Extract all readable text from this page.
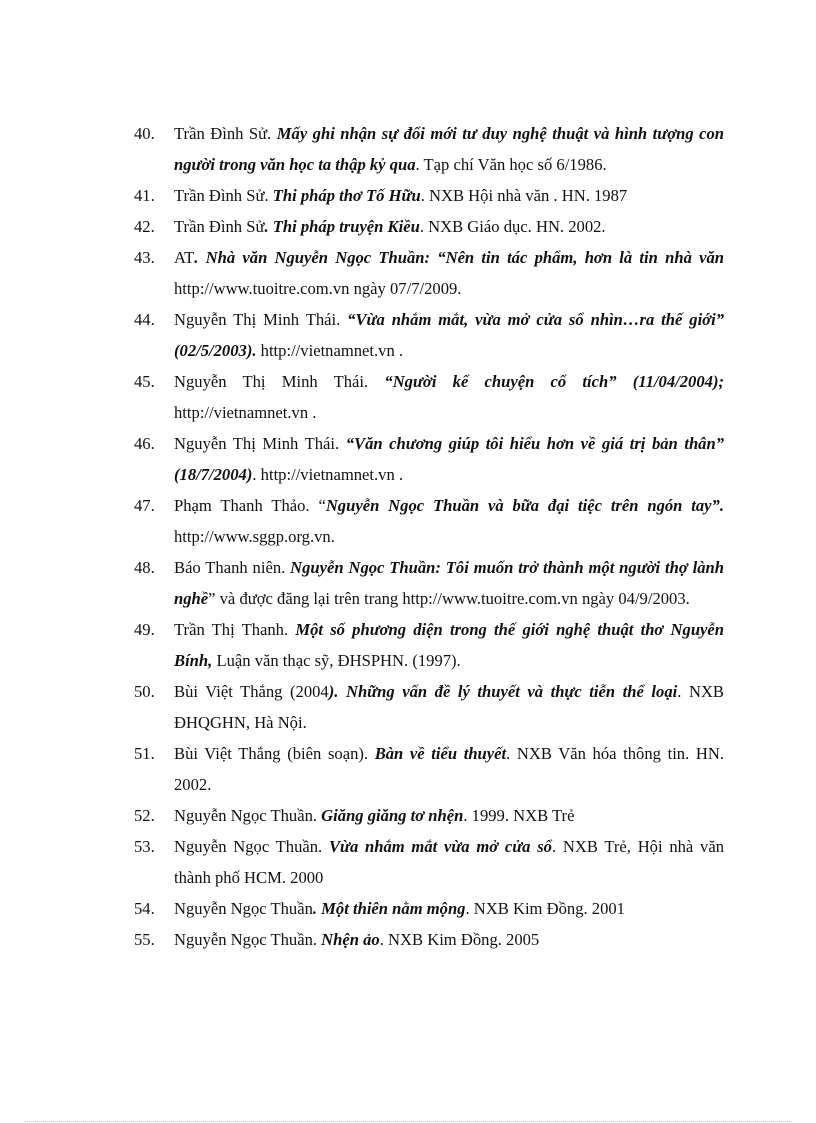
40. Trần Đình Sử. Mấy ghi nhận sự đổi mới tư duy nghệ thuật và hình tượng con người trong văn học ta thập kỷ qua. Tạp chí Văn học số 6/1986.
41. Trần Đình Sử. Thi pháp thơ Tố Hữu. NXB Hội nhà văn . HN. 1987
42. Trần Đình Sử. Thi pháp truyện Kiều. NXB Giáo dục. HN. 2002.
43. AT. Nhà văn Nguyễn Ngọc Thuần: “Nên tin tác phẩm, hơn là tin nhà văn http://www.tuoitre.com.vn ngày 07/7/2009.
44. Nguyễn Thị Minh Thái. “Vừa nhắm mắt, vừa mở cửa sổ nhìn…ra thế giới” (02/5/2003). http://vietnamnet.vn .
45. Nguyễn Thị Minh Thái. “Người kể chuyện cổ tích” (11/04/2004); http://vietnamnet.vn .
46. Nguyễn Thị Minh Thái. “Văn chương giúp tôi hiểu hơn về giá trị bản thân” (18/7/2004). http://vietnamnet.vn .
47. Phạm Thanh Thảo. “Nguyễn Ngọc Thuần và bữa đại tiệc trên ngón tay”. http://www.sggp.org.vn.
48. Báo Thanh niên. Nguyễn Ngọc Thuần: Tôi muốn trở thành một người thợ lành nghề” và được đăng lại trên trang http://www.tuoitre.com.vn ngày 04/9/2003.
49. Trần Thị Thanh. Một số phương diện trong thế giới nghệ thuật thơ Nguyễn Bính, Luận văn thạc sỹ, ĐHSPHN. (1997).
50. Bùi Việt Thắng (2004). Những vấn đề lý thuyết và thực tiễn thể loại. NXB ĐHQGHN, Hà Nội.
51. Bùi Việt Thắng (biên soạn). Bàn về tiểu thuyết. NXB Văn hóa thông tin. HN. 2002.
52. Nguyễn Ngọc Thuần. Giăng giăng tơ nhện. 1999. NXB Trẻ
53. Nguyễn Ngọc Thuần. Vừa nhắm mắt vừa mở cửa sổ. NXB Trẻ, Hội nhà văn thành phố HCM. 2000
54. Nguyễn Ngọc Thuần. Một thiên nằm mộng. NXB Kim Đồng. 2001
55. Nguyễn Ngọc Thuần. Nhện ảo. NXB Kim Đồng. 2005
